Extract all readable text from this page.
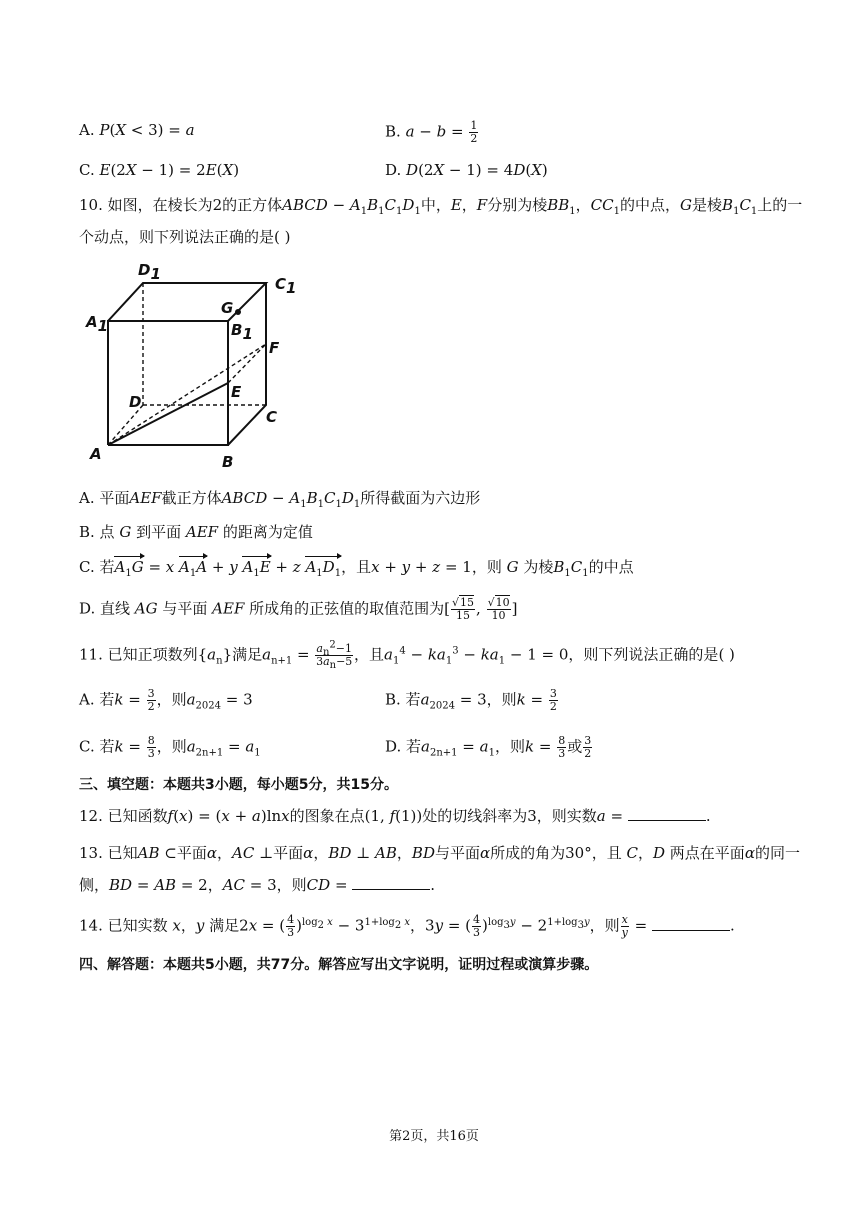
A. P(X < 3) = a	B. $a - b = \frac{1}{2}$
C. E(2X − 1) = 2E(X)	D. D(2X − 1) = 4D(X)
10. 如图，在棱长为2的正方体ABCD − $A_1B_1C_1D_1$中，E，F分别为棱$BB_1$，$CC_1$的中点，G是棱$B_1C_1$上的一
个动点，则下列说法正确的是( )
D1
C1
A1	B1
G
F
E
D
C
A	B
A. 平面AEF截正方体ABCD − $A_1B_1C_1D_1$所得截面为六边形
B. 点 G 到平面 AEF 的距离为定值
C. 若$A_1G = x$ $A_1A + y$ $A_1E + z$ $A_1D_1$，且x + y + z = 1，则 G 为棱$B_1C_1$的中点
D. 直线 AG 与平面 AEF 所成角的正弦值的取值范围为[ $\frac{√15}{15}$ , $\frac{√10}{10}$ ]
11. 已知正项数列$\{a_n\}$满足$a_{n+1} = \frac{a_n^2-1}{3a_n-5}$ ，且$a_1^4 - ka_1^3 - ka_1 - 1 = 0$，则下列说法正确的是( )
A. 若$k = \frac{3}{2}$ ，则$a_{2024} = 3$	B. 若$a_{2024} = 3$，则$k = \frac{3}{2}$
C. 若$k = \frac{8}{3}$ ，则$a_{2n+1} = a_1$	D. 若$a_{2n+1} = a_1$，则$k = \frac{8}{3}$ 或 $\frac{3}{2}$
三、填空题：本题共3小题，每小题5分，共15分。
12. 已知函数f(x) = (x + a)lnx的图象在点(1, f(1))处的切线斜率为3，则实数a =	.
13. 已知AB ⊂平面α，AC ⊥平面α，BD ⊥ AB，BD与平面α所成的角为30°，且 C，D 两点在平面α的同一
侧，BD = AB = 2，AC = 3，则CD =	.
14. 已知实数 x，y 满足2x = ( $\frac{4}{3} )^{log_2 x} - 3^{1+log_2 x}$，3y = ( $\frac{4}{3} )^{log_3y} - 2^{1+log_3y}$，则 $\frac{x}{y}$ =	.
四、解答题：本题共5小题，共77分。解答应写出文字说明，证明过程或演算步骤。
第2页，共16页
